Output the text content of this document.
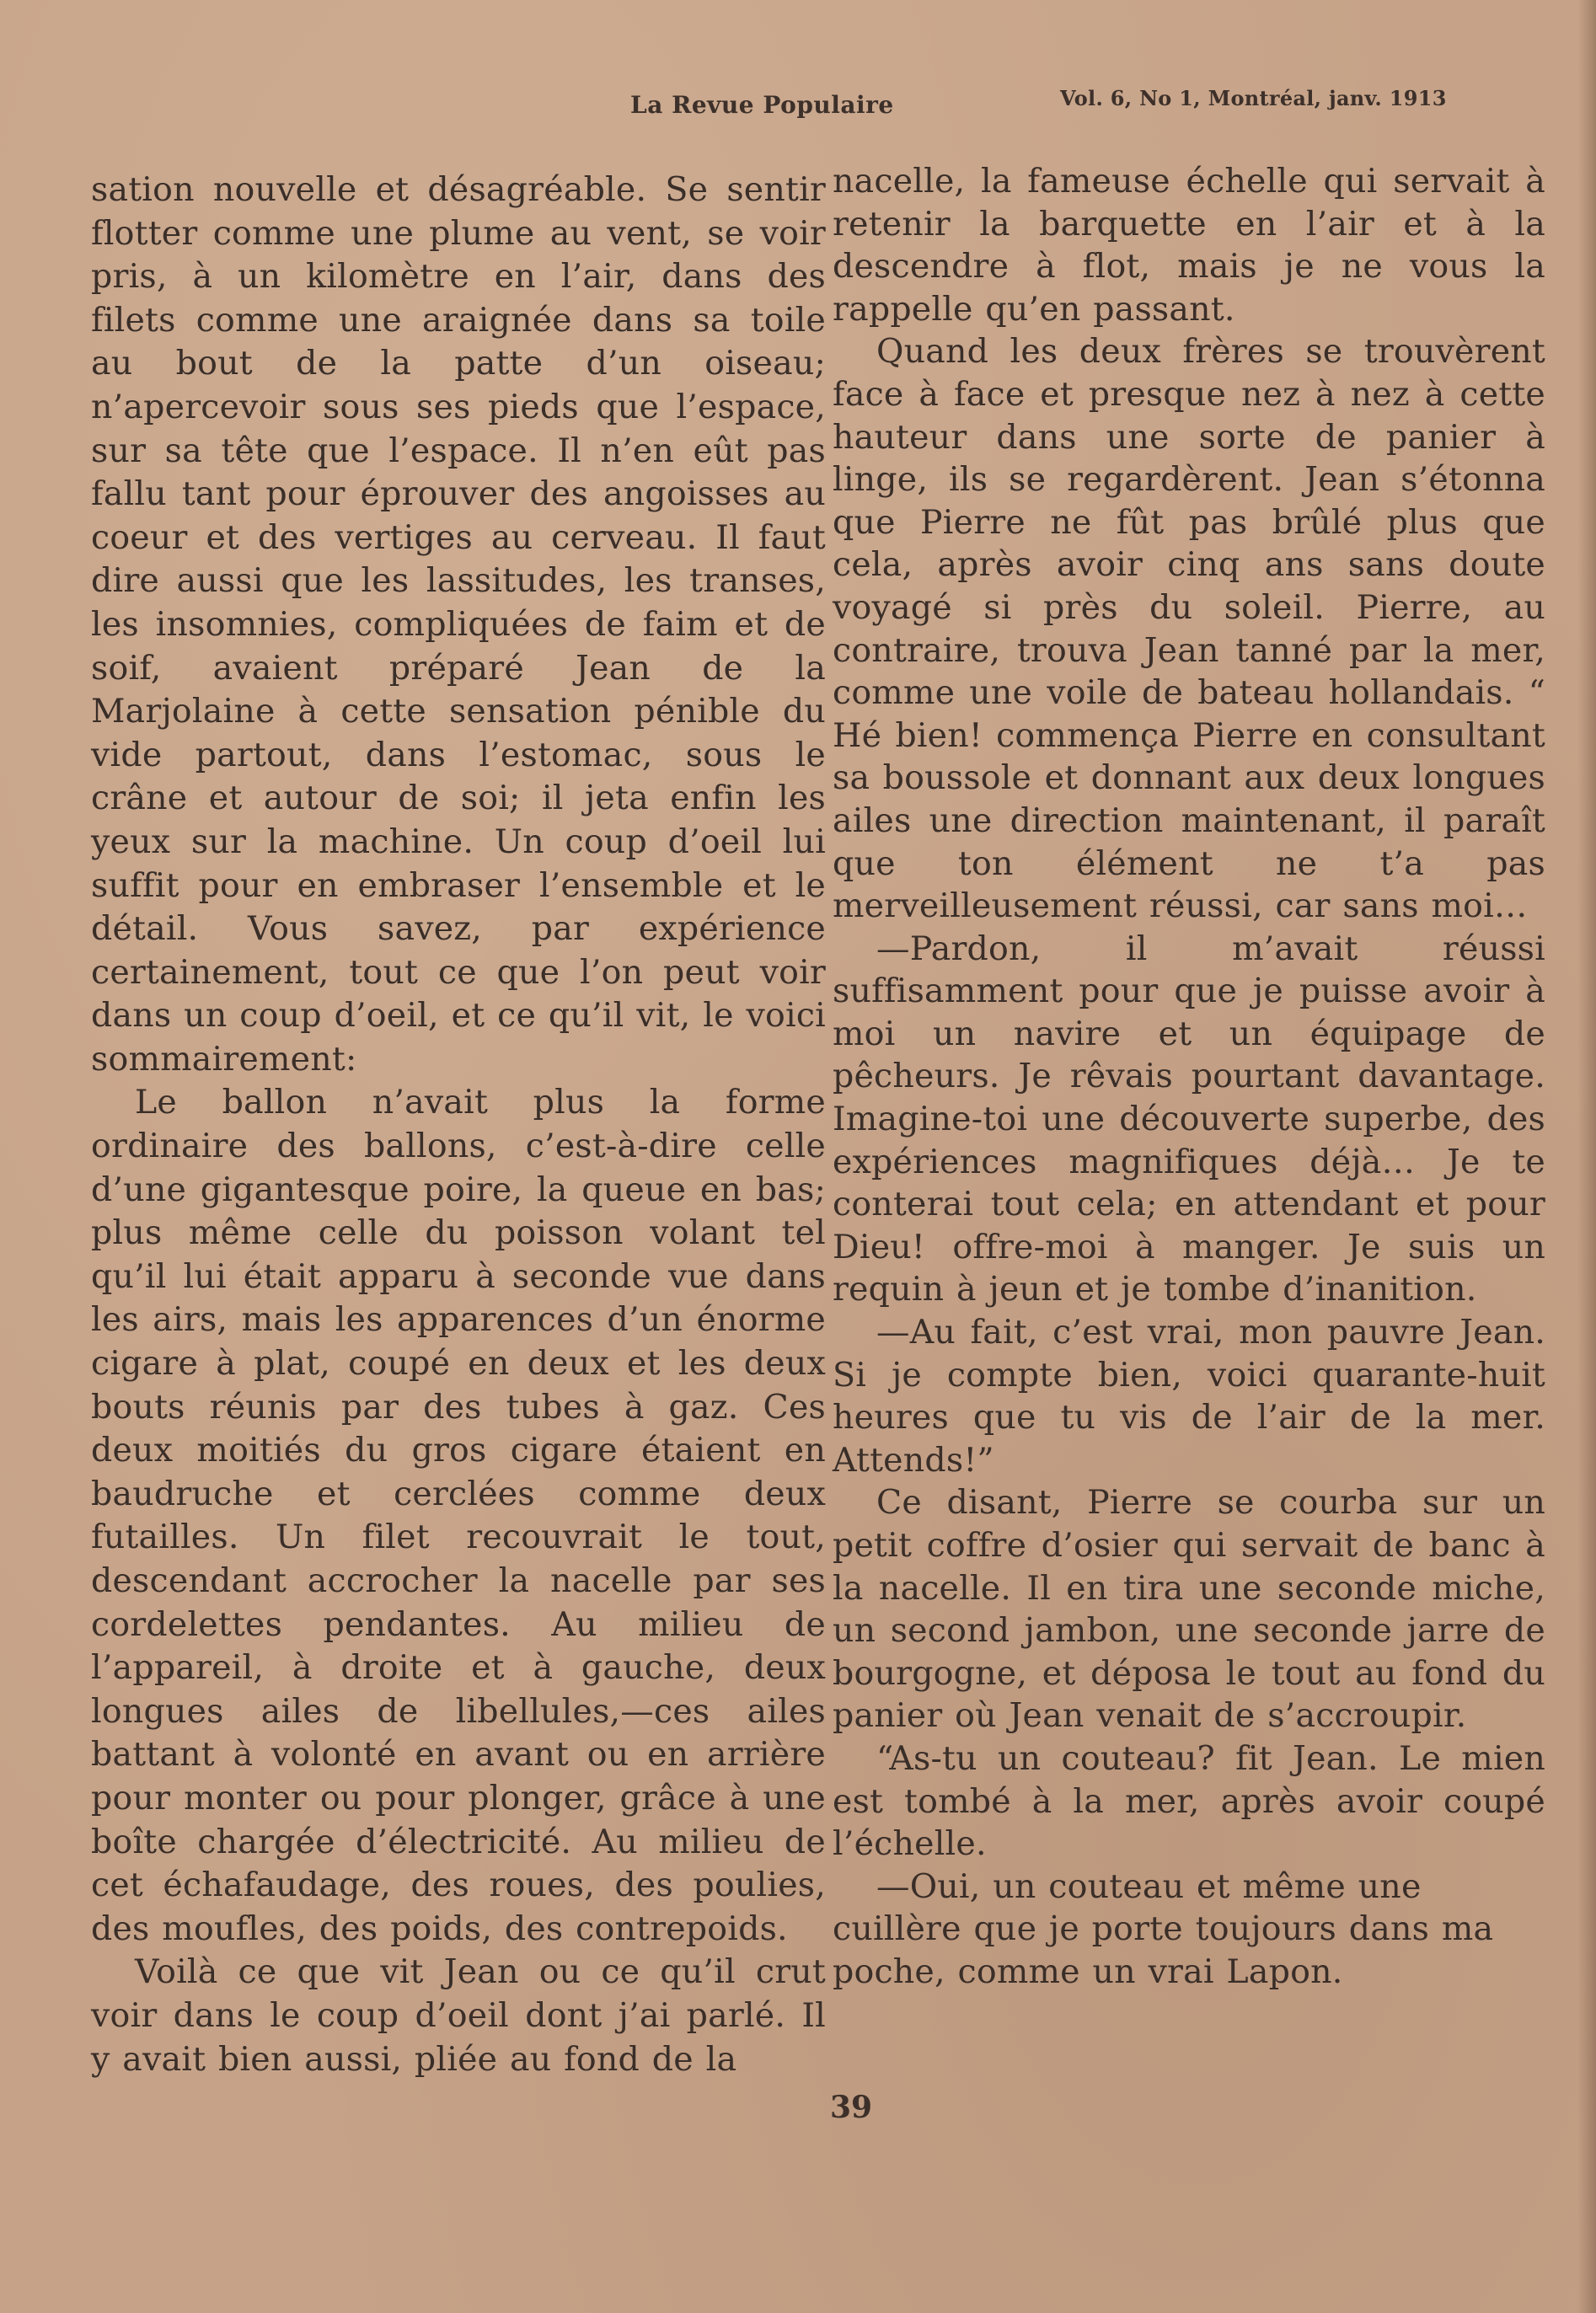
La Revue Populaire	Vol. 6, No 1, Montréal, janv. 1913

sation nouvelle et désagréable. Se sentir flotter comme une plume au vent, se voir pris, à un kilomètre en l’air, dans des filets comme une araignée dans sa toile au bout de la patte d’un oiseau; n’apercevoir sous ses pieds que l’espace, sur sa tête que l’espace. Il n’en eût pas fallu tant pour éprouver des angoisses au coeur et des vertiges au cerveau. Il faut dire aussi que les lassitudes, les transes, les insomnies, compliquées de faim et de soif, avaient préparé Jean de la Marjolaine à cette sensation pénible du vide partout, dans l’estomac, sous le crâne et autour de soi; il jeta enfin les yeux sur la machine. Un coup d’oeil lui suffit pour en embraser l’ensemble et le détail. Vous savez, par expérience certainement, tout ce que l’on peut voir dans un coup d’oeil, et ce qu’il vit, le voici sommairement:

Le ballon n’avait plus la forme ordinaire des ballons, c’est-à-dire celle d’une gigantesque poire, la queue en bas; plus même celle du poisson volant tel qu’il lui était apparu à seconde vue dans les airs, mais les apparences d’un énorme cigare à plat, coupé en deux et les deux bouts réunis par des tubes à gaz. Ces deux moitiés du gros cigare étaient en baudruche et cerclées comme deux futailles. Un filet recouvrait le tout, descendant accrocher la nacelle par ses cordelettes pendantes. Au milieu de l’appareil, à droite et à gauche, deux longues ailes de libellules,—ces ailes battant à volonté en avant ou en arrière pour monter ou pour plonger, grâce à une boîte chargée d’électricité. Au milieu de cet échafaudage, des roues, des poulies, des moufles, des poids, des contrepoids.

Voilà ce que vit Jean ou ce qu’il crut voir dans le coup d’oeil dont j’ai parlé. Il y avait bien aussi, pliée au fond de la

nacelle, la fameuse échelle qui servait à retenir la barquette en l’air et à la descendre à flot, mais je ne vous la rappelle qu’en passant.

Quand les deux frères se trouvèrent face à face et presque nez à nez à cette hauteur dans une sorte de panier à linge, ils se regardèrent. Jean s’étonna que Pierre ne fût pas brûlé plus que cela, après avoir cinq ans sans doute voyagé si près du soleil. Pierre, au contraire, trouva Jean tanné par la mer, comme une voile de bateau hollandais. “ Hé bien! commença Pierre en consultant sa boussole et donnant aux deux longues ailes une direction maintenant, il paraît que ton élément ne t’a pas merveilleusement réussi, car sans moi…

—Pardon, il m’avait réussi suffisamment pour que je puisse avoir à moi un navire et un équipage de pêcheurs. Je rêvais pourtant davantage. Imagine-toi une découverte superbe, des expériences magnifiques déjà… Je te conterai tout cela; en attendant et pour Dieu! offre-moi à manger. Je suis un requin à jeun et je tombe d’inanition.

—Au fait, c’est vrai, mon pauvre Jean. Si je compte bien, voici quarante-huit heures que tu vis de l’air de la mer. Attends!”

Ce disant, Pierre se courba sur un petit coffre d’osier qui servait de banc à la nacelle. Il en tira une seconde miche, un second jambon, une seconde jarre de bourgogne, et déposa le tout au fond du panier où Jean venait de s’accroupir.

“As-tu un couteau? fit Jean. Le mien est tombé à la mer, après avoir coupé l’échelle.

—Oui, un couteau et même une cuillère que je porte toujours dans ma poche, comme un vrai Lapon.

39
